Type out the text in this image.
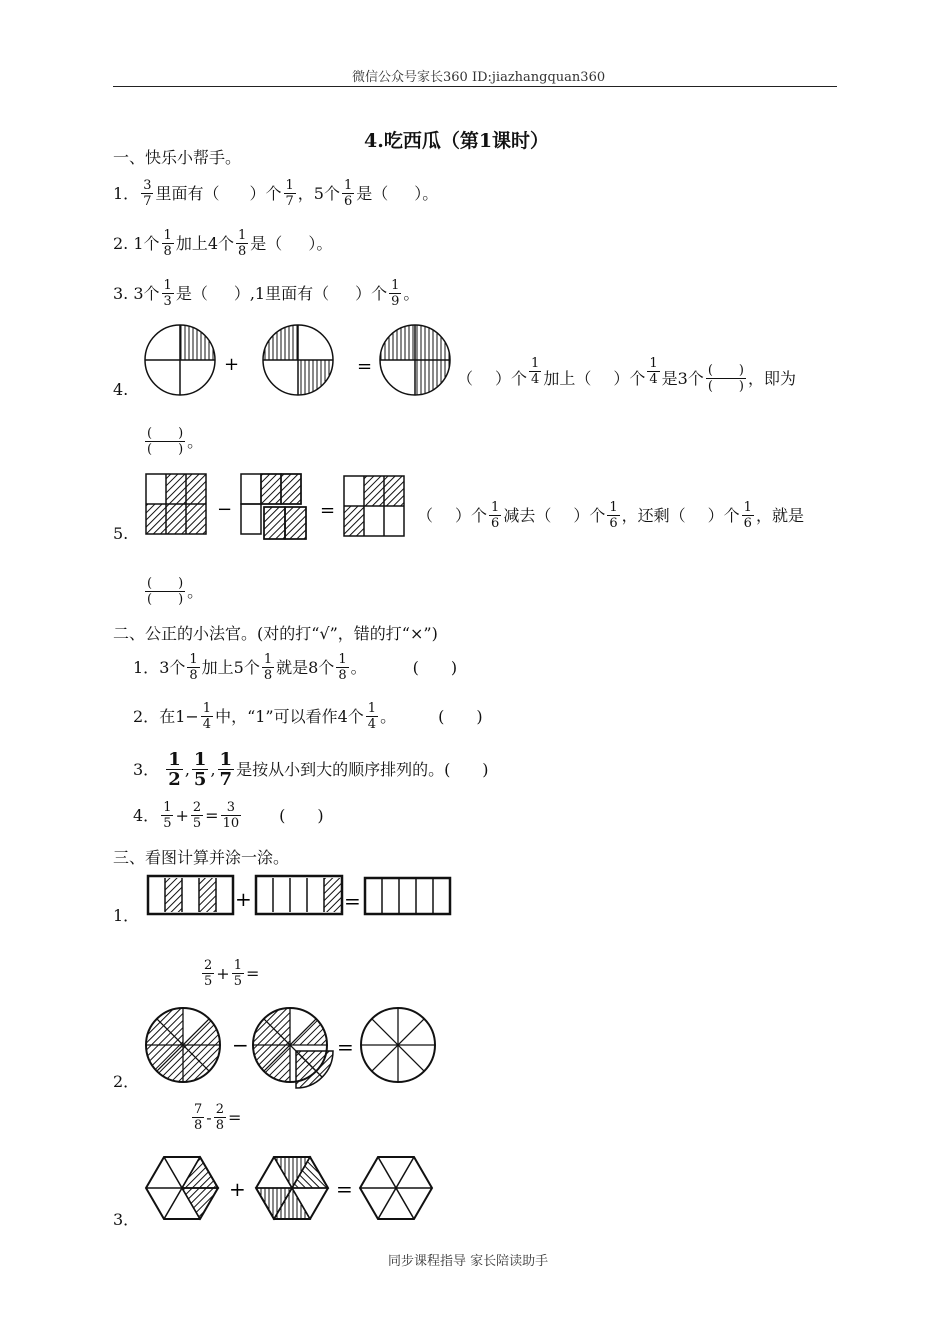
微信公众号家长360 ID:jiazhangquan360
4.吃西瓜（第1课时）
一、快乐小帮手。
1． $\frac{3}{7}$ 里面有（ ）个 $\frac{1}{7}$ ，5个 $\frac{1}{6}$ 是（ ）。
2.
1个 $\frac{1}{8}$ 加上4个 $\frac{1}{8}$ 是（ ）。
3.
3个 $\frac{1}{3}$ 是（ ）,1里面有（ ）个 $\frac{1}{9}$ 。
4.
+	=
（ ）个 $\frac{1}{4}$ 加上（ ）个 $\frac{1}{4}$ 是3个 $\frac{( )}{( )}$ ，即为
$\frac{( )}{( )}$ 。
5.
−	=	（ ）个 $\frac{1}{6}$ 减去（ ）个 $\frac{1}{6}$ ，还剩（ ）个 $\frac{1}{6}$ ，就是
$\frac{( )}{( )}$ 。
二、公正的小法官。(对的打“√”，错的打“×”)
1． 3个 $\frac{1}{8}$ 加上5个 $\frac{1}{8}$ 就是8个 $\frac{1}{8}$ 。	(　　)
2． 在$1- \frac{1}{4}$ 中，“1”可以看作4个 $\frac{1}{4}$ 。	(　　)
3．
$\frac{1}{2}$ , $\frac{1}{5}$ , $\frac{1}{7}$ 是按从小到大的顺序排列的。(　　)
4． $\frac{1}{5} + \frac{2}{5} = \frac{3}{10}$ (　　)
三、看图计算并涂一涂。
1．
+	=
$\frac{2}{5} + \frac{1}{5}$ =
2．
−	=
$\frac{7}{8} - \frac{2}{8}$ =
3．
+	=
同步课程指导 家长陪读助手
